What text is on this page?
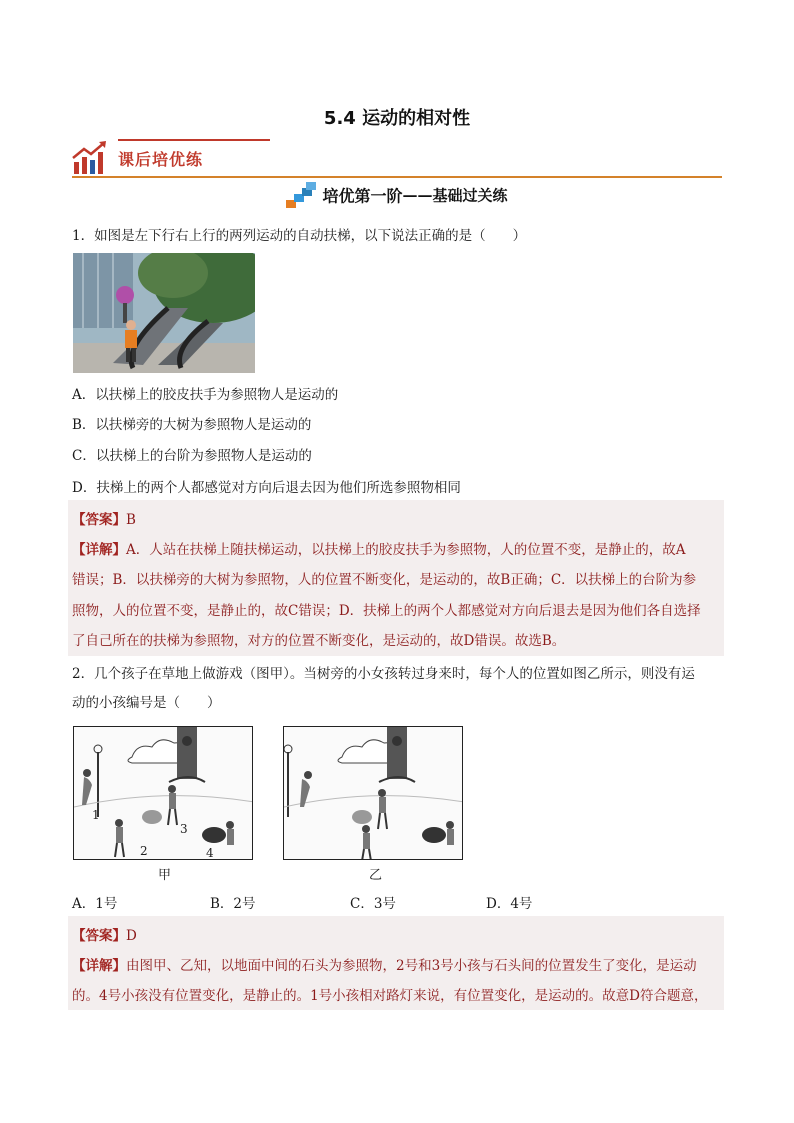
5.4 运动的相对性
课后培优练
培优第一阶——基础过关练
1．如图是左下行右上行的两列运动的自动扶梯，以下说法正确的是（　　）
A．以扶梯上的胶皮扶手为参照物人是运动的
B．以扶梯旁的大树为参照物人是运动的
C．以扶梯上的台阶为参照物人是运动的
D．扶梯上的两个人都感觉对方向后退去因为他们所选参照物相同
【答案】B
【详解】A．人站在扶梯上随扶梯运动，以扶梯上的胶皮扶手为参照物，人的位置不变，是静止的，故A
错误；B．以扶梯旁的大树为参照物，人的位置不断变化，是运动的，故B正确；C．以扶梯上的台阶为参
照物，人的位置不变，是静止的，故C错误；D．扶梯上的两个人都感觉对方向后退去是因为他们各自选择
了自己所在的扶梯为参照物，对方的位置不断变化，是运动的，故D错误。故选B。
2．几个孩子在草地上做游戏（图甲）。当树旁的小女孩转过身来时，每个人的位置如图乙所示，则没有运
动的小孩编号是（　　）
1
2
3
4
甲	乙
A．1号	B．2号	C．3号	D．4号
【答案】D
【详解】由图甲、乙知，以地面中间的石头为参照物，2号和3号小孩与石头间的位置发生了变化，是运动
的。4号小孩没有位置变化，是静止的。1号小孩相对路灯来说，有位置变化，是运动的。故意D符合题意，
